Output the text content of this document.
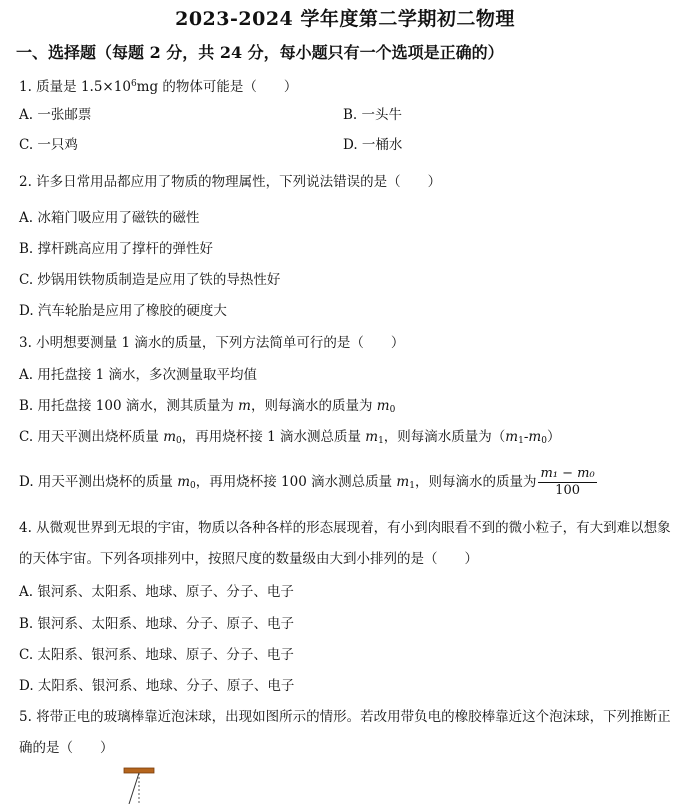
2023-2024 学年度第二学期初二物理
一、选择题（每题 2 分，共 24 分，每小题只有一个选项是正确的）
1. 质量是 $1.5\times 10^6mg$ 的物体可能是（　　）
A. 一张邮票	B. 一头牛
C. 一只鸡	D. 一桶水
2. 许多日常用品都应用了物质的物理属性，下列说法错误的是（　　）
A. 冰箱门吸应用了磁铁的磁性
B. 撑杆跳高应用了撑杆的弹性好
C. 炒锅用铁物质制造是应用了铁的导热性好
D. 汽车轮胎是应用了橡胶的硬度大
3. 小明想要测量 1 滴水的质量，下列方法简单可行的是（　　）
A. 用托盘接 1 滴水，多次测量取平均值
B. 用托盘接 100 滴水，测其质量为 m，则每滴水的质量为 $m_0$
C. 用天平测出烧杯质量 $m_0$，再用烧杯接 1 滴水测总质量 $m_1$，则每滴水质量为$(m_1-m_0)$
D. 用天平测出烧杯的质量 $m_0$，再用烧杯接 100 滴水测总质量 $m_1$，则每滴水的质量为 $\frac{\text{m₁ − m₀}}{100}$
4. 从微观世界到无垠的宇宙，物质以各种各样的形态展现着，有小到肉眼看不到的微小粒子，有大到难以想象的天体宇宙。下列各项排列中，按照尺度的数量级由大到小排列的是（　　）
A. 银河系、太阳系、地球、原子、分子、电子
B. 银河系、太阳系、地球、分子、原子、电子
C. 太阳系、银河系、地球、原子、分子、电子
D. 太阳系、银河系、地球、分子、原子、电子
5. 将带正电的玻璃棒靠近泡沫球，出现如图所示的情形。若改用带负电的橡胶棒靠近这个泡沫球，下列推断正确的是（　　）
